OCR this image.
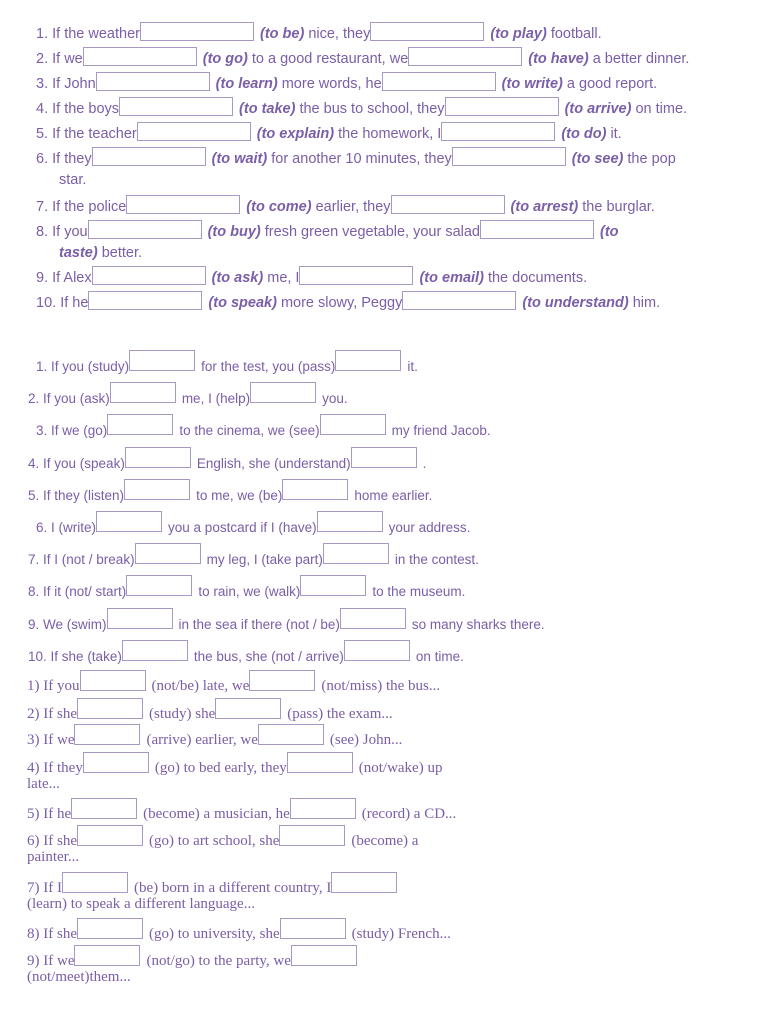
1. If the weather	(to be) nice, they	(to play) football.
2. If we	(to go) to a good restaurant, we	(to have) a better dinner.
3. If John	(to learn) more words, he	(to write) a good report.
4. If the boys	(to take) the bus to school, they	(to arrive) on time.
5. If the teacher	(to explain) the homework, I	(to do) it.
6. If they	(to wait) for another 10 minutes, they	(to see) the pop
star.
7. If the police	(to come) earlier, they	(to arrest) the burglar.
8. If you	(to buy) fresh green vegetable, your salad	(to
taste) better.
9. If Alex	(to ask) me, I	(to email) the documents.
10. If he	(to speak) more slowy, Peggy	(to understand) him.
1. If you (study)	for the test, you (pass)	it.
2. If you (ask)	me, I (help)	you.
3. If we (go)	to the cinema, we (see)	my friend Jacob.
4. If you (speak)	English, she (understand)	.
5. If they (listen)	to me, we (be)	home earlier.
6. I (write)	you a postcard if I (have)	your address.
7. If I (not / break)	my leg, I (take part)	in the contest.
8. If it (not/ start)	to rain, we (walk)	to the museum.
9. We (swim)	in the sea if there (not / be)	so many sharks there.
10. If she (take)	the bus, she (not / arrive)	on time.
1) If you	(not/be) late, we	(not/miss) the bus...
2) If she	(study) she	(pass) the exam...
3) If we	(arrive) earlier, we	(see) John...
4) If they	(go) to bed early, they	(not/wake) up
late...
5) If he	(become) a musician, he	(record) a CD...
6) If she	(go) to art school, she	(become) a
painter...
7) If I	(be) born in a different country, I
(learn) to speak a different language...
8) If she	(go) to university, she	(study) French...
9) If we	(not/go) to the party, we
(not/meet)them...
